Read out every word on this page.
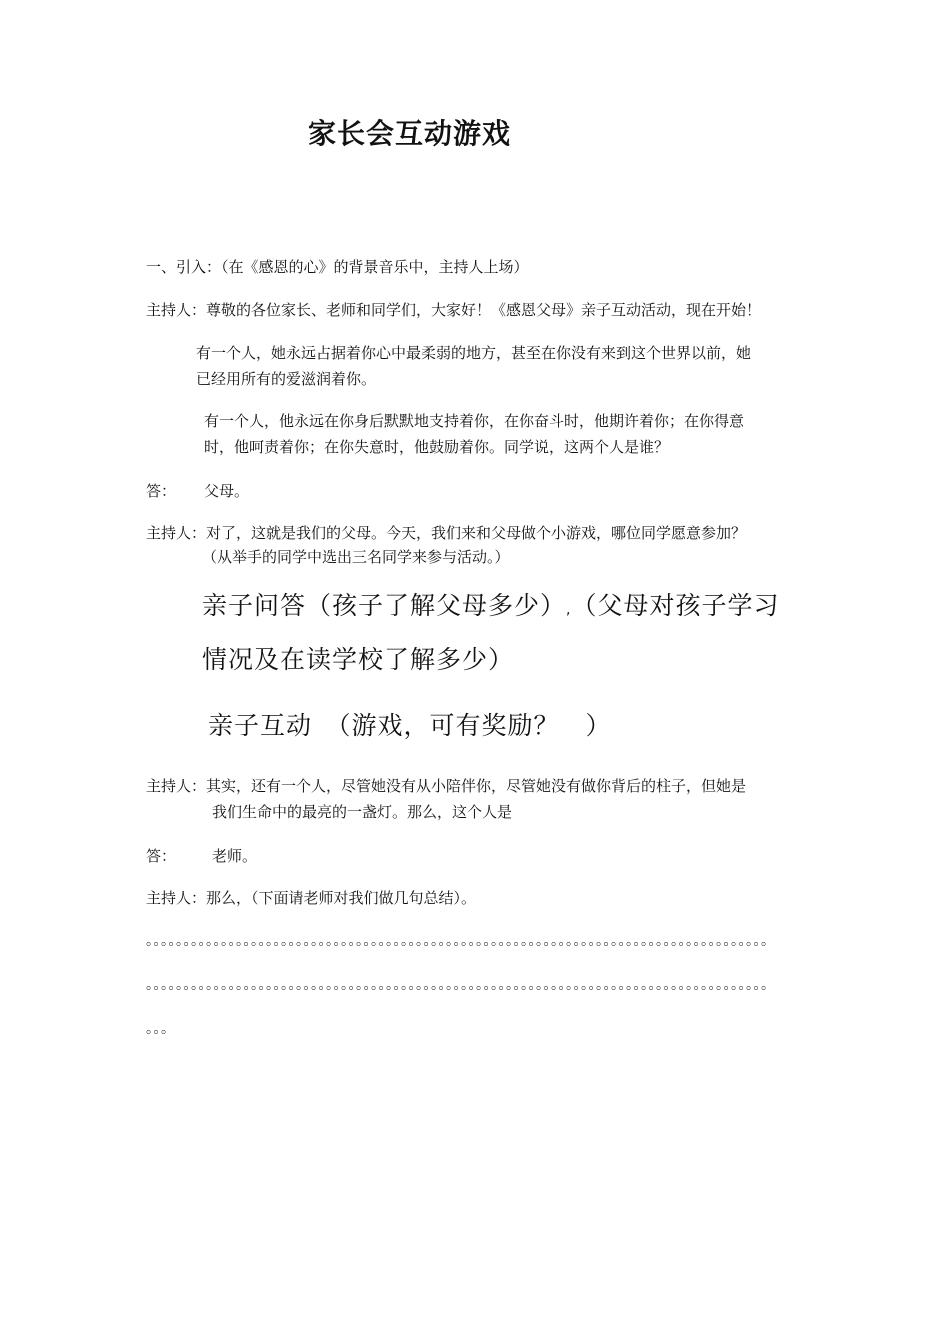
家长会互动游戏

一、引入：（在《感恩的心》的背景音乐中，主持人上场）

主持人：尊敬的各位家长、老师和同学们，大家好！《感恩父母》亲子互动活动，现在开始！

有一个人，她永远占据着你心中最柔弱的地方，甚至在你没有来到这个世界以前，她

已经用所有的爱滋润着你。

有一个人，他永远在你身后默默地支持着你，在你奋斗时，他期许着你；在你得意

时，他呵责着你；在你失意时，他鼓励着你。同学说，这两个人是谁？

答： 父母。

主持人：对了，这就是我们的父母。今天，我们来和父母做个小游戏，哪位同学愿意参加？

（从举手的同学中选出三名同学来参与活动。）

亲子问答（孩子了解父母多少）,（父母对孩子学习

情况及在读学校了解多少）

亲子互动　（游戏，可有奖励？　）

主持人：其实，还有一个人，尽管她没有从小陪伴你，尽管她没有做你背后的柱子，但她是

我们生命中的最亮的一盏灯。那么，这个人是

答： 老师。

主持人：那么，（下面请老师对我们做几句总结）。

。。。。。。。。。。。。。。。。。。。。。。。。。。。。。。。。。。。。。。。。。。。。。。。。。。。。。。。。。。。。。。。。。。。。。。。。。。。。。。。。。。。

。。。。。。。。。。。。。。。。。。。。。。。。。。。。。。。。。。。。。。。。。。。。。。。。。。。。。。。。。。。。。。。。。。。。。。。。。。。。。。。。。。。

。。。
